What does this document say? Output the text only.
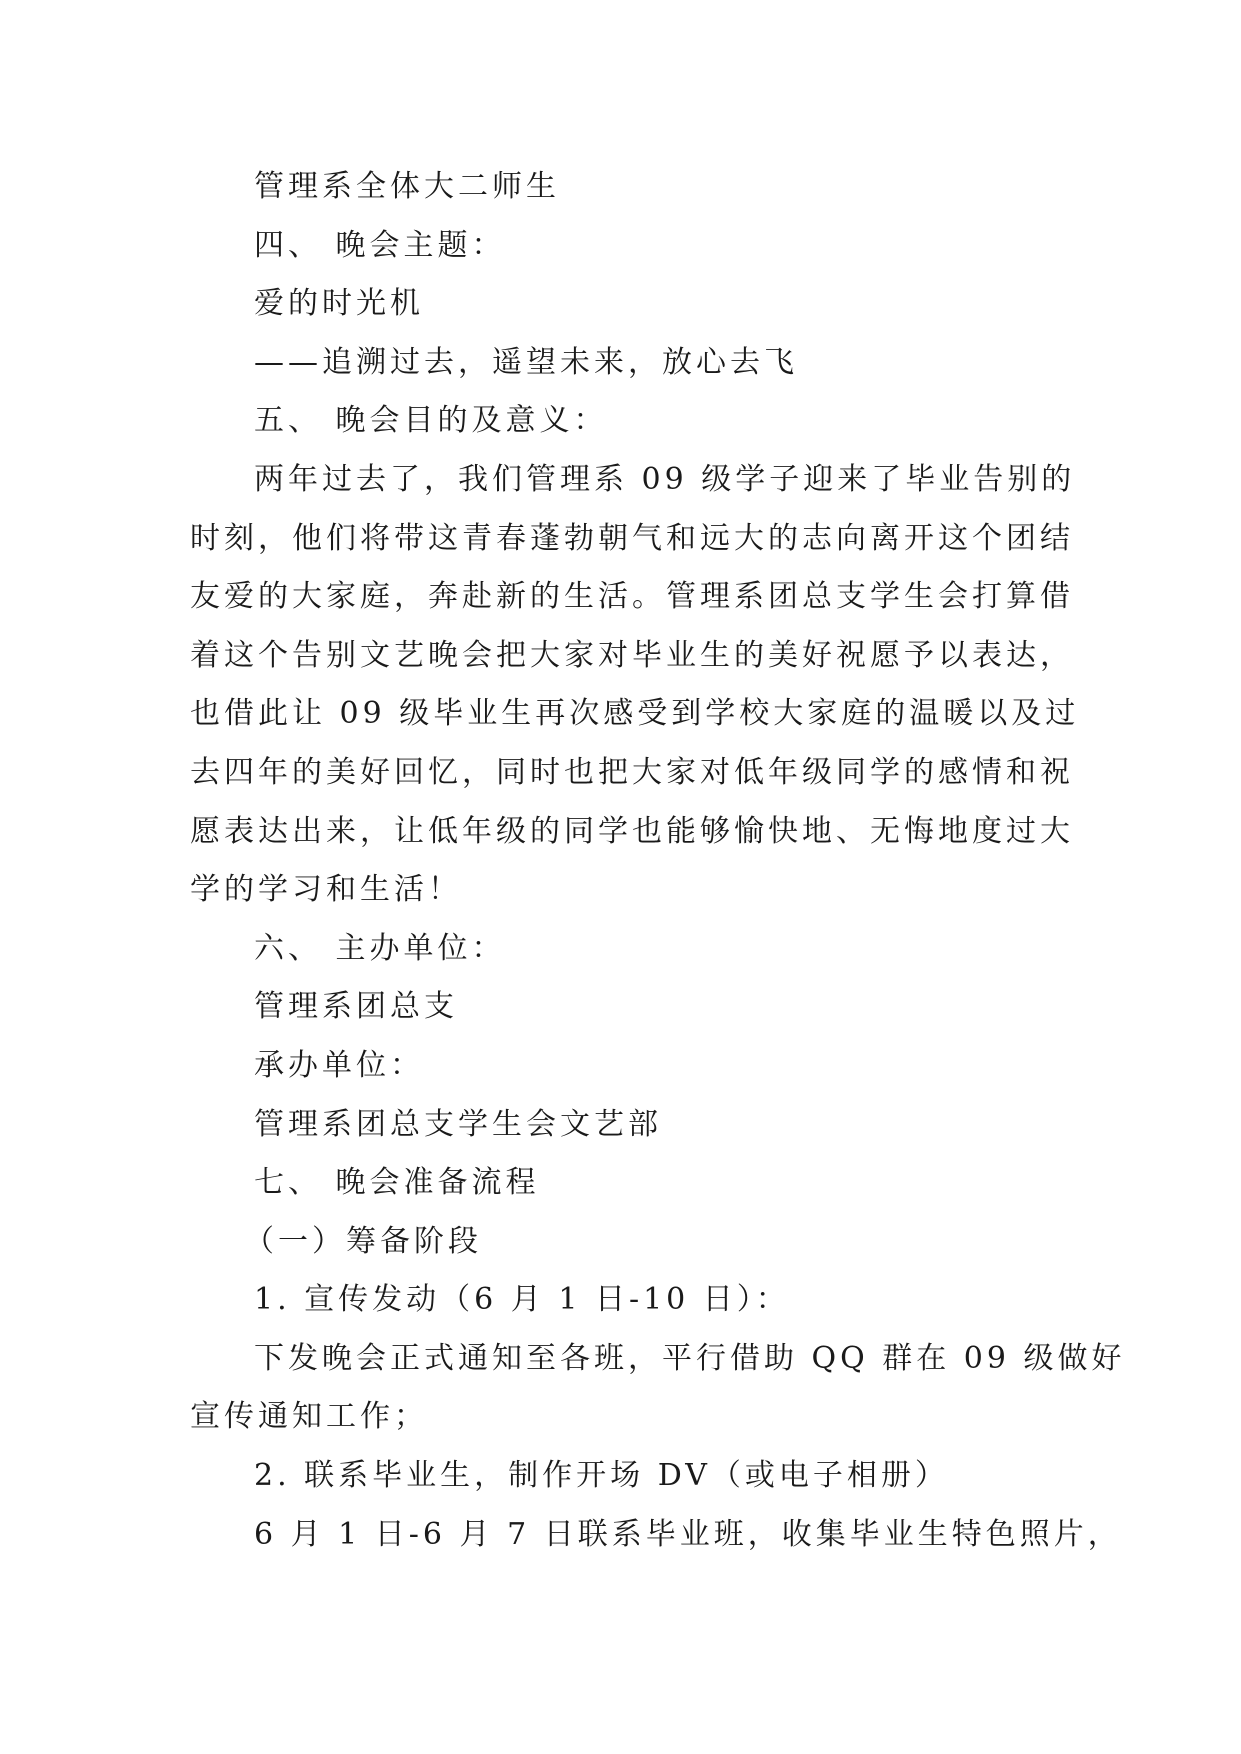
管理系全体大二师生

四、 晚会主题：

爱的时光机

——追溯过去，遥望未来，放心去飞

五、 晚会目的及意义：

两年过去了，我们管理系 09 级学子迎来了毕业告别的

时刻，他们将带这青春蓬勃朝气和远大的志向离开这个团结

友爱的大家庭，奔赴新的生活。管理系团总支学生会打算借

着这个告别文艺晚会把大家对毕业生的美好祝愿予以表达，

也借此让 09 级毕业生再次感受到学校大家庭的温暖以及过

去四年的美好回忆，同时也把大家对低年级同学的感情和祝

愿表达出来，让低年级的同学也能够愉快地、无悔地度过大

学的学习和生活！

六、 主办单位：

管理系团总支

承办单位：

管理系团总支学生会文艺部

七、 晚会准备流程

（一）筹备阶段

1. 宣传发动（6 月 1 日-10 日）：

下发晚会正式通知至各班，平行借助 QQ 群在 09 级做好

宣传通知工作；

2. 联系毕业生，制作开场 DV（或电子相册）

6 月 1 日-6 月 7 日联系毕业班，收集毕业生特色照片，
